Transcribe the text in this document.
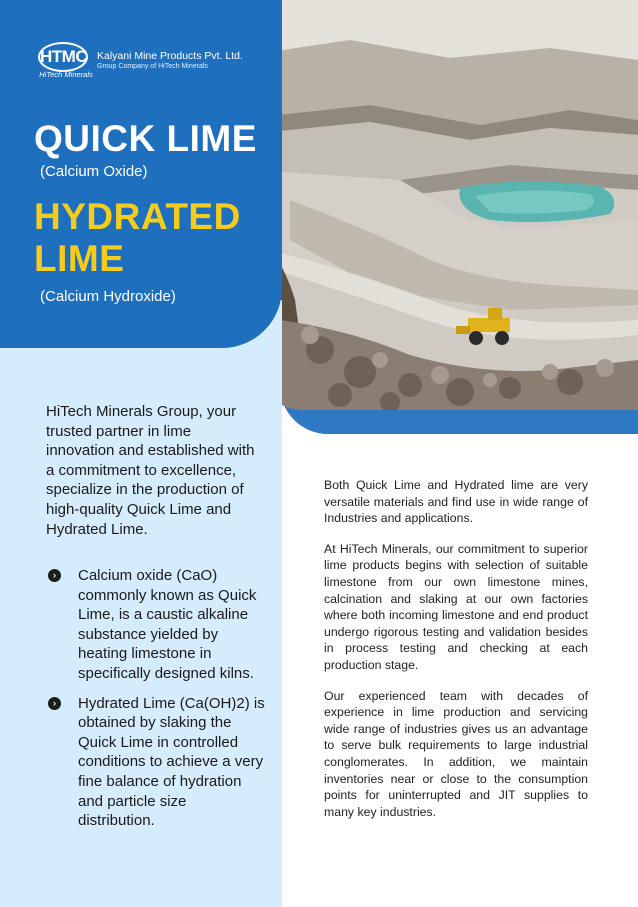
HTMC
HiTech Minerals
Kalyani Mine Products Pvt. Ltd.
Group Company of HiTech Minerals
QUICK LIME
(Calcium Oxide)
HYDRATED LIME
(Calcium Hydroxide)

HiTech Minerals Group, your trusted partner in lime innovation and established with a commitment to excellence, specialize in the production of high-quality Quick Lime and Hydrated Lime.

›	Calcium oxide (CaO) commonly known as Quick Lime, is a caustic alkaline substance yielded by heating limestone in specifically designed kilns.
›	Hydrated Lime (Ca(OH)2) is obtained by slaking the Quick Lime in controlled conditions to achieve a very fine balance of hydration and particle size distribution.

Both Quick Lime and Hydrated lime are very versatile materials and find use in wide range of Industries and applications.

At HiTech Minerals, our commitment to superior lime products begins with selection of suitable limestone from our own limestone mines, calcination and slaking at our own factories where both incoming limestone and end product undergo rigorous testing and validation besides in process testing and checking at each production stage.

Our experienced team with decades of experience in lime production and servicing wide range of industries gives us an advantage to serve bulk requirements to large industrial conglomerates. In addition, we maintain inventories near or close to the consumption points for uninterrupted and JIT supplies to many key industries.
